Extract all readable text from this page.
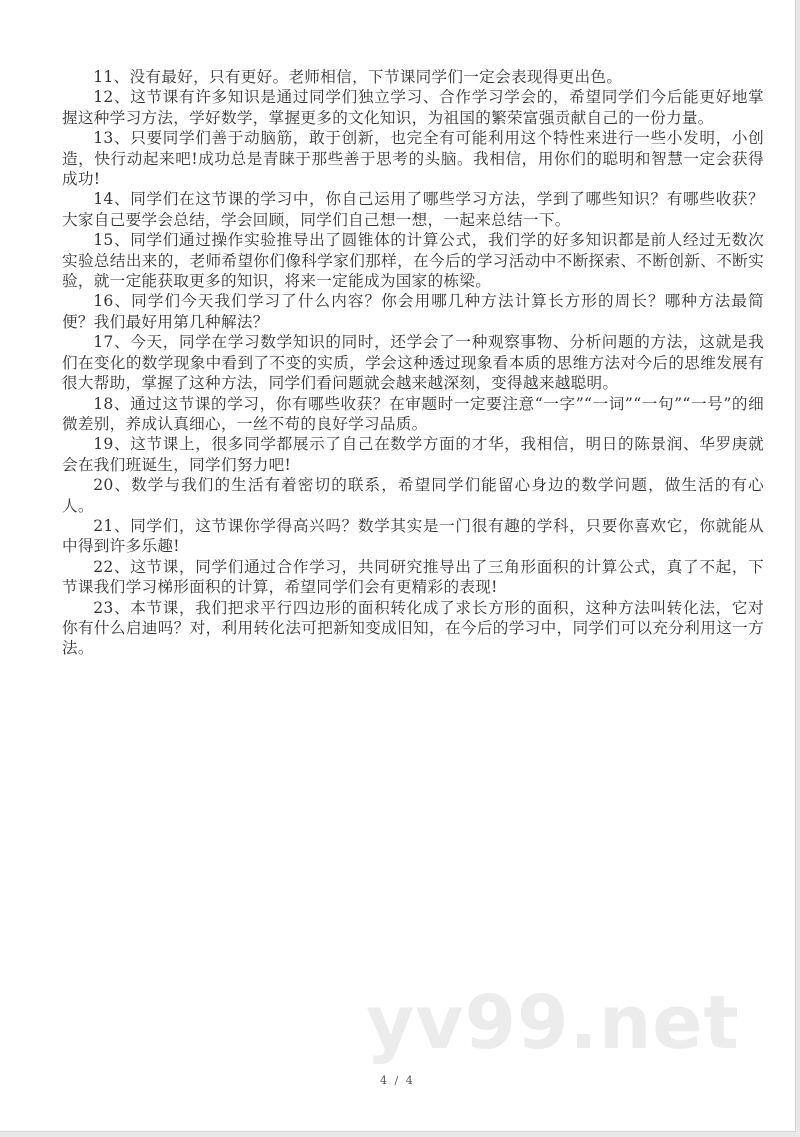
11、没有最好，只有更好。老师相信，下节课同学们一定会表现得更出色。

12、这节课有许多知识是通过同学们独立学习、合作学习学会的，希望同学们今后能更好地掌握这种学习方法，学好数学，掌握更多的文化知识，为祖国的繁荣富强贡献自己的一份力量。

13、只要同学们善于动脑筋，敢于创新，也完全有可能利用这个特性来进行一些小发明，小创造，快行动起来吧!成功总是青睐于那些善于思考的头脑。我相信，用你们的聪明和智慧一定会获得成功!

14、同学们在这节课的学习中，你自己运用了哪些学习方法，学到了哪些知识？有哪些收获？大家自己要学会总结，学会回顾，同学们自己想一想，一起来总结一下。

15、同学们通过操作实验推导出了圆锥体的计算公式，我们学的好多知识都是前人经过无数次实验总结出来的，老师希望你们像科学家们那样，在今后的学习活动中不断探索、不断创新、不断实验，就一定能获取更多的知识，将来一定能成为国家的栋梁。

16、同学们今天我们学习了什么内容？你会用哪几种方法计算长方形的周长？哪种方法最简便？我们最好用第几种解法？

17、今天，同学在学习数学知识的同时，还学会了一种观察事物、分析问题的方法，这就是我们在变化的数学现象中看到了不变的实质，学会这种透过现象看本质的思维方法对今后的思维发展有很大帮助，掌握了这种方法，同学们看问题就会越来越深刻，变得越来越聪明。

18、通过这节课的学习，你有哪些收获？在审题时一定要注意“一字”“一词”“一句”“一号”的细微差别，养成认真细心，一丝不苟的良好学习品质。

19、这节课上，很多同学都展示了自己在数学方面的才华，我相信，明日的陈景润、华罗庚就会在我们班诞生，同学们努力吧!

20、数学与我们的生活有着密切的联系，希望同学们能留心身边的数学问题，做生活的有心人。

21、同学们，这节课你学得高兴吗？数学其实是一门很有趣的学科，只要你喜欢它，你就能从中得到许多乐趣!

22、这节课，同学们通过合作学习，共同研究推导出了三角形面积的计算公式，真了不起，下节课我们学习梯形面积的计算，希望同学们会有更精彩的表现!

23、本节课，我们把求平行四边形的面积转化成了求长方形的面积，这种方法叫转化法，它对你有什么启迪吗？对，利用转化法可把新知变成旧知，在今后的学习中，同学们可以充分利用这一方法。

yv99.net
4 / 4
